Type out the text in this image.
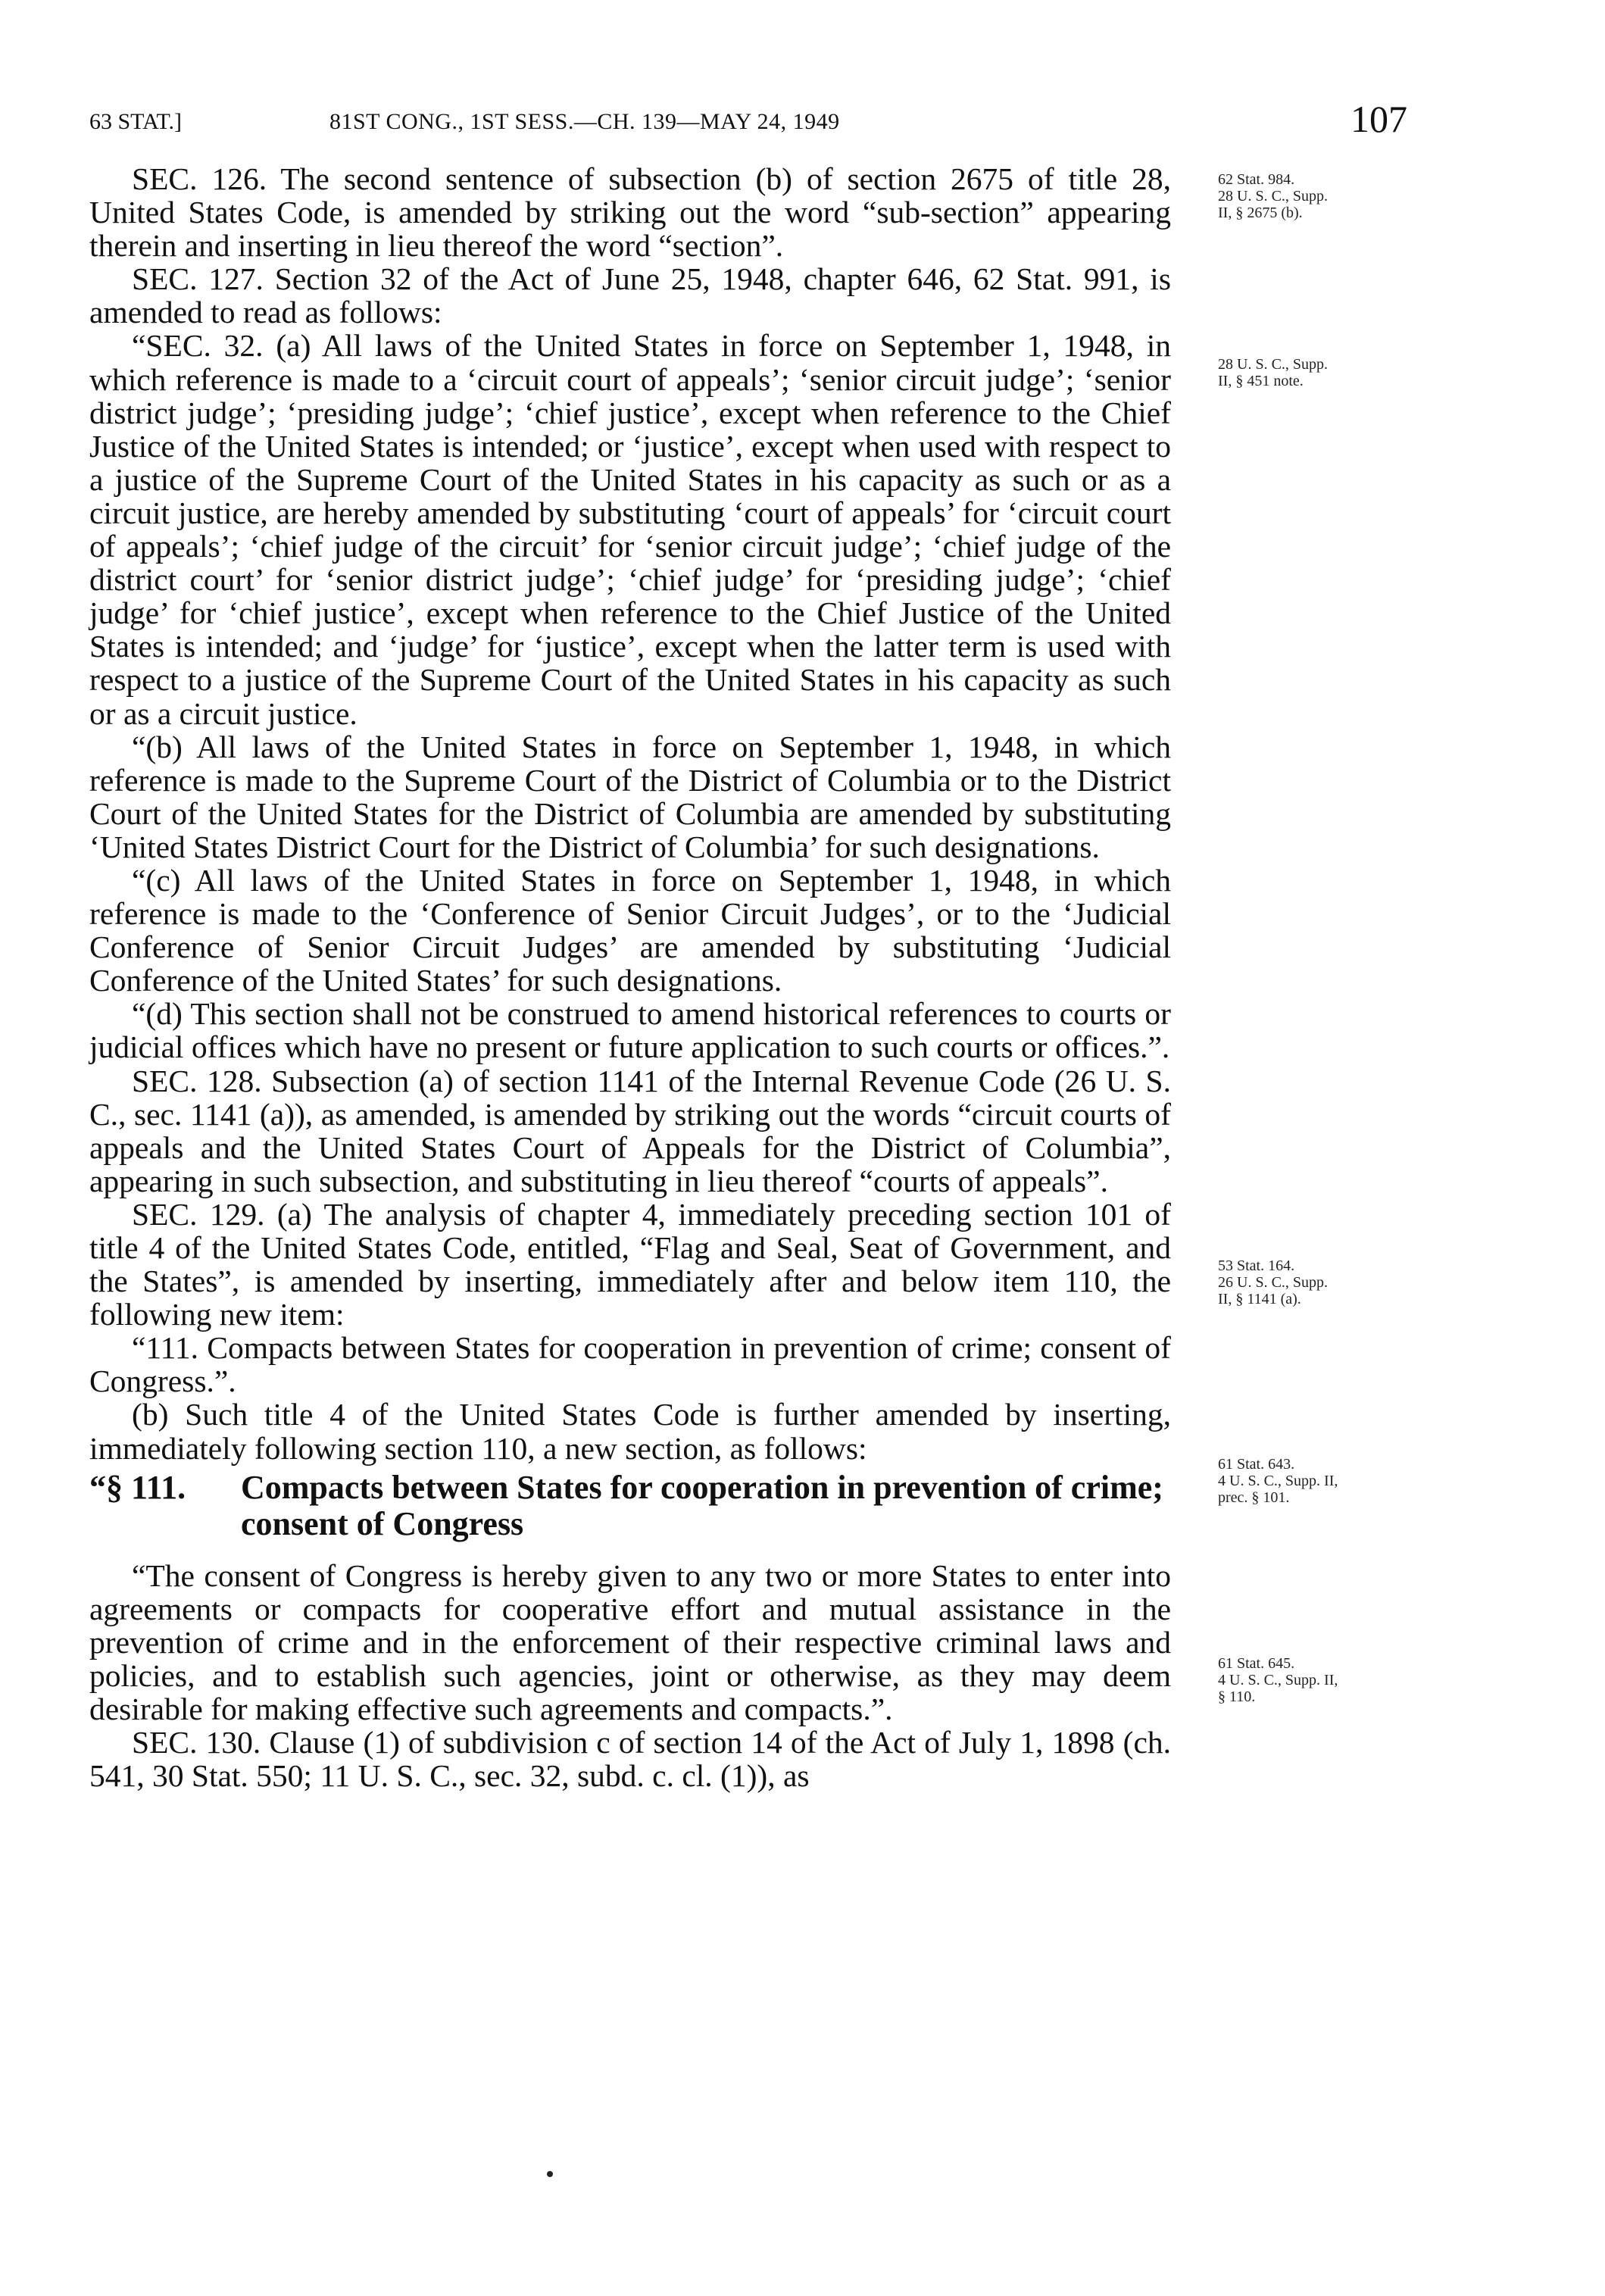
63 STAT.]	81ST CONG., 1ST SESS.—CH. 139—MAY 24, 1949	107

SEC. 126. The second sentence of subsection (b) of section 2675 of title 28, United States Code, is amended by striking out the word “sub-section” appearing therein and inserting in lieu thereof the word “section”.

SEC. 127. Section 32 of the Act of June 25, 1948, chapter 646, 62 Stat. 991, is amended to read as follows:

“SEC. 32. (a) All laws of the United States in force on September 1, 1948, in which reference is made to a ‘circuit court of appeals’; ‘senior circuit judge’; ‘senior district judge’; ‘presiding judge’; ‘chief justice’, except when reference to the Chief Justice of the United States is intended; or ‘justice’, except when used with respect to a justice of the Supreme Court of the United States in his capacity as such or as a circuit justice, are hereby amended by substituting ‘court of appeals’ for ‘circuit court of appeals’; ‘chief judge of the circuit’ for ‘senior circuit judge’; ‘chief judge of the district court’ for ‘senior district judge’; ‘chief judge’ for ‘presiding judge’; ‘chief judge’ for ‘chief justice’, except when reference to the Chief Justice of the United States is intended; and ‘judge’ for ‘justice’, except when the latter term is used with respect to a justice of the Supreme Court of the United States in his capacity as such or as a circuit justice.

“(b) All laws of the United States in force on September 1, 1948, in which reference is made to the Supreme Court of the District of Columbia or to the District Court of the United States for the District of Columbia are amended by substituting ‘United States District Court for the District of Columbia’ for such designations.

“(c) All laws of the United States in force on September 1, 1948, in which reference is made to the ‘Conference of Senior Circuit Judges’, or to the ‘Judicial Conference of Senior Circuit Judges’ are amended by substituting ‘Judicial Conference of the United States’ for such designations.

“(d) This section shall not be construed to amend historical references to courts or judicial offices which have no present or future application to such courts or offices.”.

SEC. 128. Subsection (a) of section 1141 of the Internal Revenue Code (26 U. S. C., sec. 1141 (a)), as amended, is amended by striking out the words “circuit courts of appeals and the United States Court of Appeals for the District of Columbia”, appearing in such subsection, and substituting in lieu thereof “courts of appeals”.

SEC. 129. (a) The analysis of chapter 4, immediately preceding section 101 of title 4 of the United States Code, entitled, “Flag and Seal, Seat of Government, and the States”, is amended by inserting, immediately after and below item 110, the following new item:

“111. Compacts between States for cooperation in prevention of crime; consent of Congress.”.

(b) Such title 4 of the United States Code is further amended by inserting, immediately following section 110, a new section, as follows:

“§ 111. Compacts between States for cooperation in prevention of crime; consent of Congress

“The consent of Congress is hereby given to any two or more States to enter into agreements or compacts for cooperative effort and mutual assistance in the prevention of crime and in the enforcement of their respective criminal laws and policies, and to establish such agencies, joint or otherwise, as they may deem desirable for making effective such agreements and compacts.”.

SEC. 130. Clause (1) of subdivision c of section 14 of the Act of July 1, 1898 (ch. 541, 30 Stat. 550; 11 U. S. C., sec. 32, subd. c. cl. (1)), as

62 Stat. 984.
28 U. S. C., Supp.
II, § 2675 (b).
28 U. S. C., Supp.
II, § 451 note.
53 Stat. 164.
26 U. S. C., Supp.
II, § 1141 (a).
61 Stat. 643.
4 U. S. C., Supp. II,
prec. § 101.
61 Stat. 645.
4 U. S. C., Supp. II,
§ 110.
